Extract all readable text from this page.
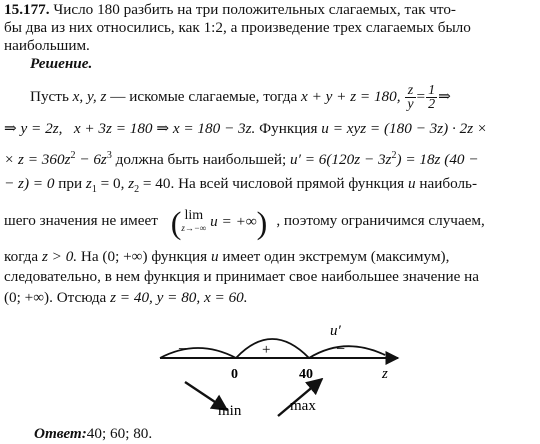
15.177. Число 180 разбить на три положительных слагаемых, так что-
бы два из них относились, как 1:2, а произведение трех слагаемых было
наибольшим.
Решение.
Пусть x, y, z — искомые слагаемые, тогда x + y + z = 180, $\frac{z}{y} = \frac{1}{2}$ ⇒
⇒ y = 2z, x + 3z = 180 ⇒ x = 180 − 3z. Функция u = xyz = (180 − 3z) · 2z ×
× $z = 360z^2 - 6z^3$ должна быть наибольшей; $u' = 6(120z - 3z^2) = 18z$ (40 −
− z) = 0 при $z_1 = 0$, $z_2 = 40$. На всей числовой прямой функция u наиболь-
шего значения не имеет ( lim
z→−∞ u = +∞) , поэтому ограничимся случаем,
когда z > 0. На (0; +∞) функция u имеет один экстремум (максимум),
следовательно, в нем функция и принимает свое наибольшее значение на
(0; +∞). Отсюда z = 40, y = 80, x = 60.
u′
−	+	−
0	40	z
min	max
Ответ:40; 60; 80.
